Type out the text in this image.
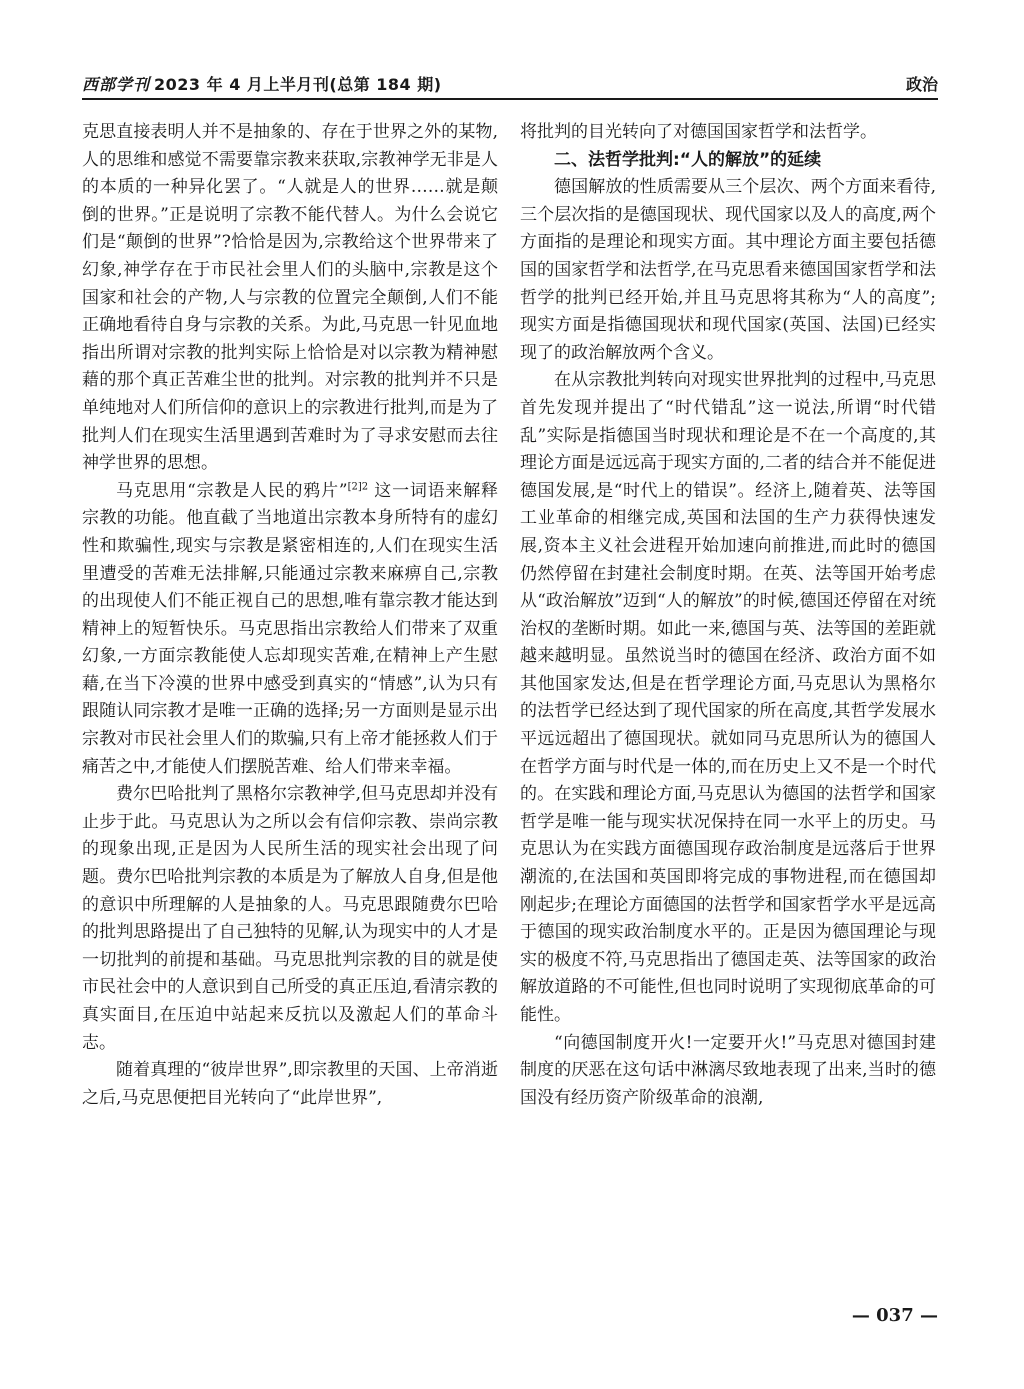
西部学刊 2023 年 4 月上半月刊(总第 184 期)	政治

克思直接表明人并不是抽象的、存在于世界之外的某物,人的思维和感觉不需要靠宗教来获取,宗教神学无非是人的本质的一种异化罢了。“人就是人的世界……就是颠倒的世界。”正是说明了宗教不能代替人。为什么会说它们是“颠倒的世界”?恰恰是因为,宗教给这个世界带来了幻象,神学存在于市民社会里人们的头脑中,宗教是这个国家和社会的产物,人与宗教的位置完全颠倒,人们不能正确地看待自身与宗教的关系。为此,马克思一针见血地指出所谓对宗教的批判实际上恰恰是对以宗教为精神慰藉的那个真正苦难尘世的批判。对宗教的批判并不只是单纯地对人们所信仰的意识上的宗教进行批判,而是为了批判人们在现实生活里遇到苦难时为了寻求安慰而去往神学世界的思想。

马克思用“宗教是人民的鸦片”$^{[2]2}$ 这一词语来解释宗教的功能。他直截了当地道出宗教本身所特有的虚幻性和欺骗性,现实与宗教是紧密相连的,人们在现实生活里遭受的苦难无法排解,只能通过宗教来麻痹自己,宗教的出现使人们不能正视自己的思想,唯有靠宗教才能达到精神上的短暂快乐。马克思指出宗教给人们带来了双重幻象,一方面宗教能使人忘却现实苦难,在精神上产生慰藉,在当下冷漠的世界中感受到真实的“情感”,认为只有跟随认同宗教才是唯一正确的选择;另一方面则是显示出宗教对市民社会里人们的欺骗,只有上帝才能拯救人们于痛苦之中,才能使人们摆脱苦难、给人们带来幸福。

费尔巴哈批判了黑格尔宗教神学,但马克思却并没有止步于此。马克思认为之所以会有信仰宗教、崇尚宗教的现象出现,正是因为人民所生活的现实社会出现了问题。费尔巴哈批判宗教的本质是为了解放人自身,但是他的意识中所理解的人是抽象的人。马克思跟随费尔巴哈的批判思路提出了自己独特的见解,认为现实中的人才是一切批判的前提和基础。马克思批判宗教的目的就是使市民社会中的人意识到自己所受的真正压迫,看清宗教的真实面目,在压迫中站起来反抗以及激起人们的革命斗志。

随着真理的“彼岸世界”,即宗教里的天国、上帝消逝之后,马克思便把目光转向了“此岸世界”,

将批判的目光转向了对德国国家哲学和法哲学。

二、法哲学批判:“人的解放”的延续

德国解放的性质需要从三个层次、两个方面来看待,三个层次指的是德国现状、现代国家以及人的高度,两个方面指的是理论和现实方面。其中理论方面主要包括德国的国家哲学和法哲学,在马克思看来德国国家哲学和法哲学的批判已经开始,并且马克思将其称为“人的高度”;现实方面是指德国现状和现代国家(英国、法国)已经实现了的政治解放两个含义。

在从宗教批判转向对现实世界批判的过程中,马克思首先发现并提出了“时代错乱”这一说法,所谓“时代错乱”实际是指德国当时现状和理论是不在一个高度的,其理论方面是远远高于现实方面的,二者的结合并不能促进德国发展,是“时代上的错误”。经济上,随着英、法等国工业革命的相继完成,英国和法国的生产力获得快速发展,资本主义社会进程开始加速向前推进,而此时的德国仍然停留在封建社会制度时期。在英、法等国开始考虑从“政治解放”迈到“人的解放”的时候,德国还停留在对统治权的垄断时期。如此一来,德国与英、法等国的差距就越来越明显。虽然说当时的德国在经济、政治方面不如其他国家发达,但是在哲学理论方面,马克思认为黑格尔的法哲学已经达到了现代国家的所在高度,其哲学发展水平远远超出了德国现状。就如同马克思所认为的德国人在哲学方面与时代是一体的,而在历史上又不是一个时代的。在实践和理论方面,马克思认为德国的法哲学和国家哲学是唯一能与现实状况保持在同一水平上的历史。马克思认为在实践方面德国现存政治制度是远落后于世界潮流的,在法国和英国即将完成的事物进程,而在德国却刚起步;在理论方面德国的法哲学和国家哲学水平是远高于德国的现实政治制度水平的。正是因为德国理论与现实的极度不符,马克思指出了德国走英、法等国家的政治解放道路的不可能性,但也同时说明了实现彻底革命的可能性。

“向德国制度开火!一定要开火!”马克思对德国封建制度的厌恶在这句话中淋漓尽致地表现了出来,当时的德国没有经历资产阶级革命的浪潮,

— 037 —
